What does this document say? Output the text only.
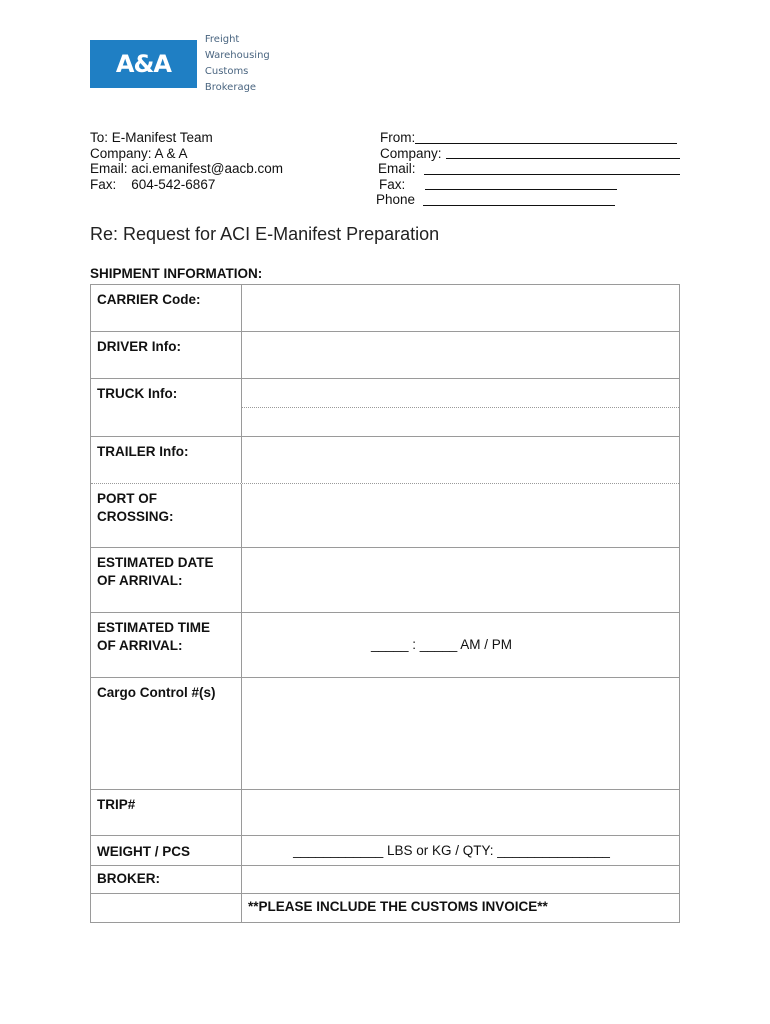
A&A
Freight
Warehousing
Customs Brokerage
To: E-Manifest Team
Company: A & A
Email: aci.emanifest@aacb.com
Fax:    604-542-6867
From:
Company:
Email:
Fax:
Phone
Re: Request for ACI E-Manifest Preparation
SHIPMENT INFORMATION:
CARRIER Code:
DRIVER Info:
TRUCK Info:
TRAILER Info:
PORT OF
CROSSING:
ESTIMATED DATE
OF ARRIVAL:
ESTIMATED TIME
OF ARRIVAL:	_____ : _____ AM / PM
Cargo Control #(s)
TRIP#
WEIGHT / PCS	____________ LBS or KG / QTY: _______________
BROKER:
**PLEASE INCLUDE THE CUSTOMS INVOICE**
